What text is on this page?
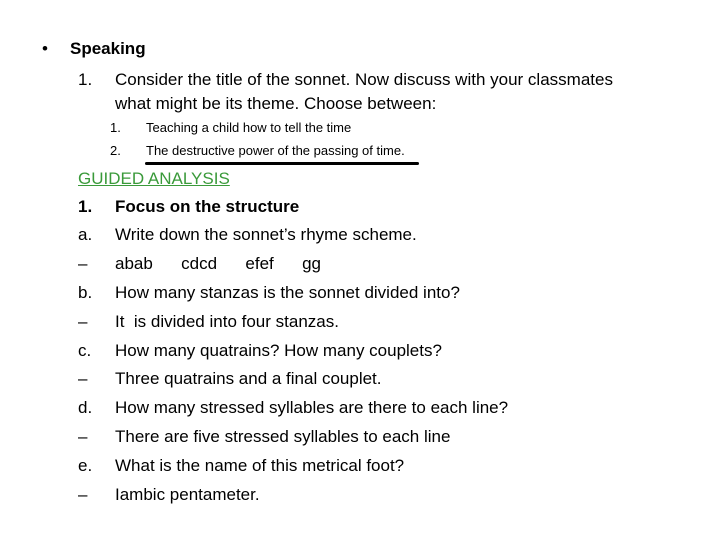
• Speaking
1. Consider the title of the sonnet. Now discuss with your classmates
what might be its theme. Choose between:
1. Teaching a child how to tell the time
2. The destructive power of the passing of time.
GUIDED ANALYSIS
1. Focus on the structure
a. Write down the sonnet’s rhyme scheme.
– abab      cdcd      efef      gg
b. How many stanzas is the sonnet divided into?
– It  is divided into four stanzas.
c. How many quatrains? How many couplets?
– Three quatrains and a final couplet.
d. How many stressed syllables are there to each line?
– There are five stressed syllables to each line
e. What is the name of this metrical foot?
– Iambic pentameter.
